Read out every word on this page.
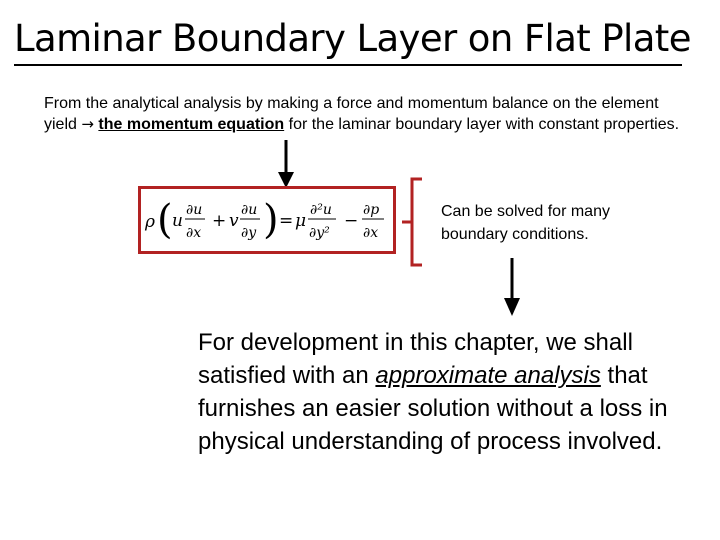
Laminar Boundary Layer on Flat Plate

From the analytical analysis by making a force and momentum balance on the element yield → the momentum equation for the laminar boundary layer with constant properties.

ρ ( u
∂u
∂x
+ v
∂u
∂y ) = μ
∂²u
∂y²
−
∂p
∂x

Can be solved for many boundary conditions.

For development in this chapter, we shall satisfied with an approximate analysis that furnishes an easier solution without a loss in physical understanding of process involved.
